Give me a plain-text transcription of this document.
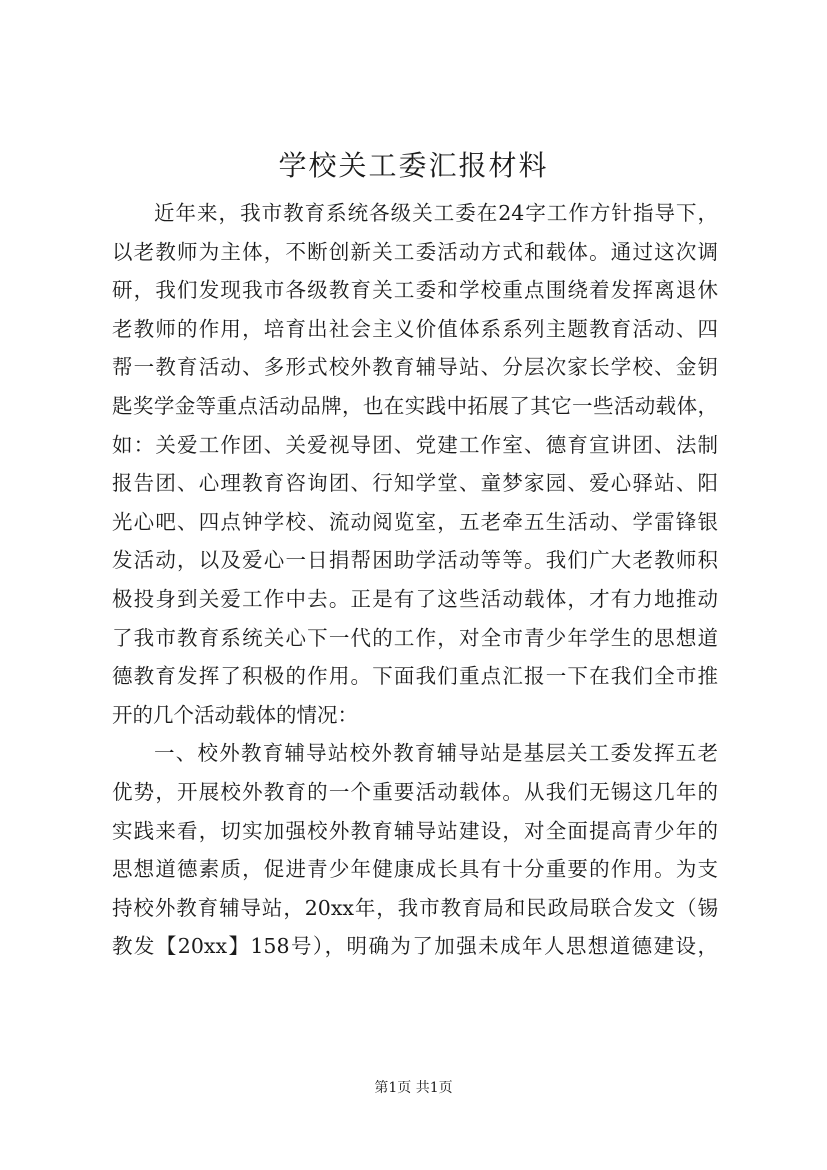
学校关工委汇报材料
近年来，我市教育系统各级关工委在24字工作方针指导下，
以老教师为主体，不断创新关工委活动方式和载体。通过这次调
研，我们发现我市各级教育关工委和学校重点围绕着发挥离退休
老教师的作用，培育出社会主义价值体系系列主题教育活动、四
帮一教育活动、多形式校外教育辅导站、分层次家长学校、金钥
匙奖学金等重点活动品牌，也在实践中拓展了其它一些活动载体，
如：关爱工作团、关爱视导团、党建工作室、德育宣讲团、法制
报告团、心理教育咨询团、行知学堂、童梦家园、爱心驿站、阳
光心吧、四点钟学校、流动阅览室，五老牵五生活动、学雷锋银
发活动，以及爱心一日捐帮困助学活动等等。我们广大老教师积
极投身到关爱工作中去。正是有了这些活动载体，才有力地推动
了我市教育系统关心下一代的工作，对全市青少年学生的思想道
德教育发挥了积极的作用。下面我们重点汇报一下在我们全市推
开的几个活动载体的情况：
一、校外教育辅导站校外教育辅导站是基层关工委发挥五老
优势，开展校外教育的一个重要活动载体。从我们无锡这几年的
实践来看，切实加强校外教育辅导站建设，对全面提高青少年的
思想道德素质，促进青少年健康成长具有十分重要的作用。为支
持校外教育辅导站，20xx年，我市教育局和民政局联合发文（锡
教发【20xx】158号），明确为了加强未成年人思想道德建设，
第1页 共1页
